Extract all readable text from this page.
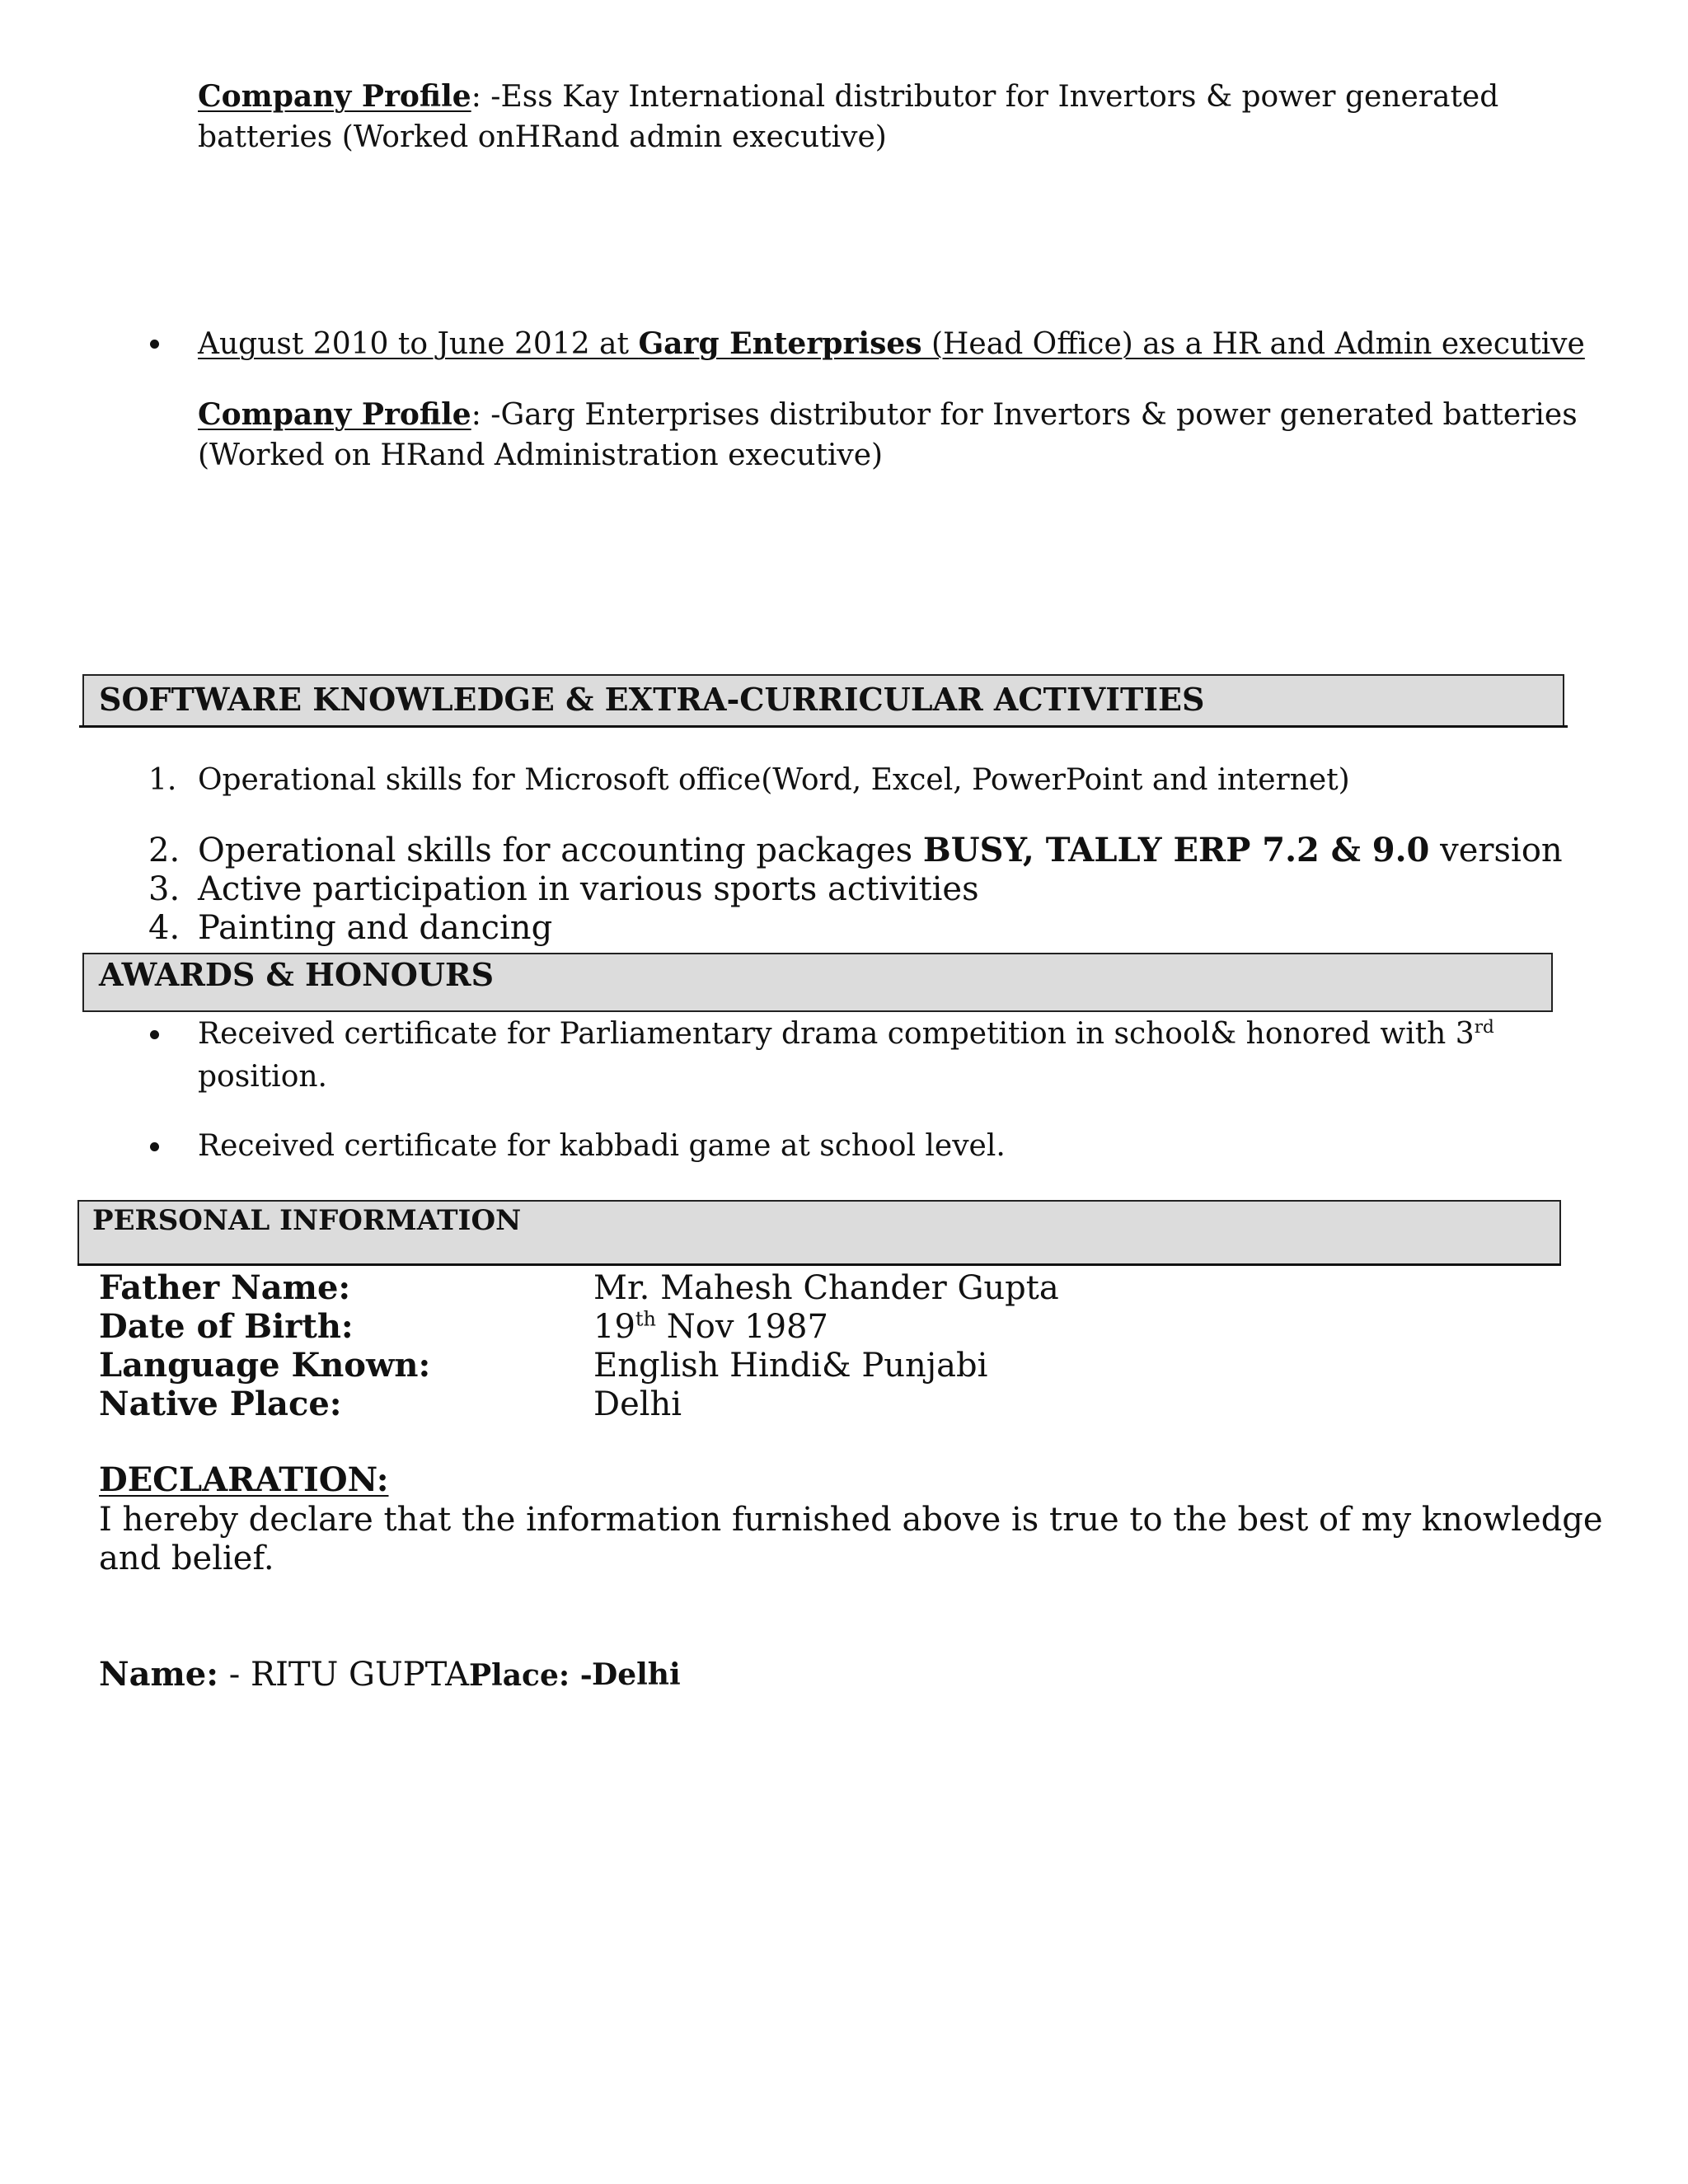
Company Profile: -Ess Kay International distributor for Invertors & power generated
batteries (Worked onHRand admin executive)
August 2010 to June 2012 at Garg Enterprises (Head Office) as a HR and Admin executive
Company Profile: -Garg Enterprises distributor for Invertors & power generated batteries
(Worked on HRand Administration executive)
SOFTWARE KNOWLEDGE & EXTRA-CURRICULAR ACTIVITIES
1. Operational skills for Microsoft office(Word, Excel, PowerPoint and internet)
2. Operational skills for accounting packages BUSY, TALLY ERP 7.2 & 9.0 version
3. Active participation in various sports activities
4. Painting and dancing
AWARDS & HONOURS
Received certificate for Parliamentary drama competition in school& honored with 3rd
position.
Received certificate for kabbadi game at school level.
PERSONAL INFORMATION
Father Name:	Mr. Mahesh Chander Gupta
Date of Birth:	19th Nov 1987
Language Known:	English Hindi& Punjabi
Native Place:	Delhi
DECLARATION:
I hereby declare that the information furnished above is true to the best of my knowledge
and belief.
Name: - RITU GUPTAPlace: - Delhi
